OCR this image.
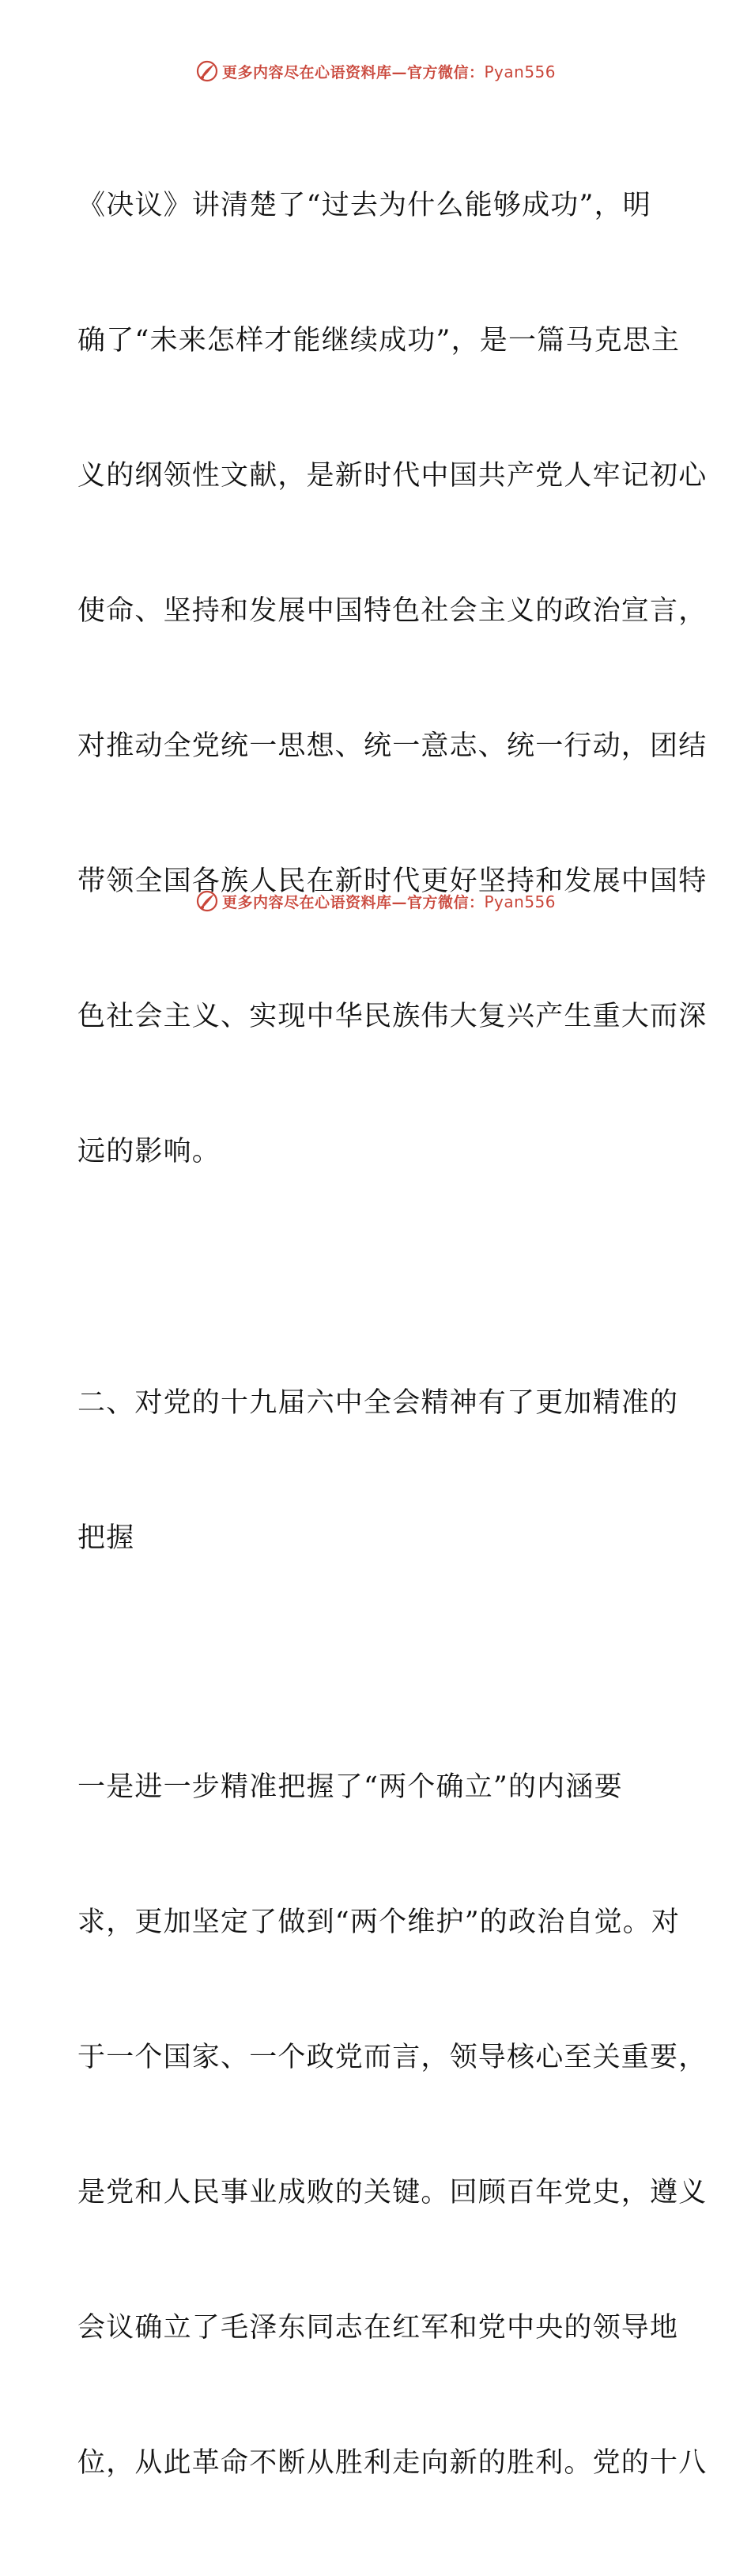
更多内容尽在心语资料库—官方微信：Pyan556

《决议》讲清楚了“过去为什么能够成功”，明

确了“未来怎样才能继续成功”，是一篇马克思主

义的纲领性文献，是新时代中国共产党人牢记初心

使命、坚持和发展中国特色社会主义的政治宣言，

对推动全党统一思想、统一意志、统一行动，团结

带领全国各族人民在新时代更好坚持和发展中国特

色社会主义、实现中华民族伟大复兴产生重大而深

远的影响。

二、对党的十九届六中全会精神有了更加精准的

把握

一是进一步精准把握了“两个确立”的内涵要

求，更加坚定了做到“两个维护”的政治自觉。对

于一个国家、一个政党而言，领导核心至关重要，

是党和人民事业成败的关键。回顾百年党史，遵义

会议确立了毛泽东同志在红军和党中央的领导地

位，从此革命不断从胜利走向新的胜利。党的十八

更多内容尽在心语资料库—官方微信：Pyan556
